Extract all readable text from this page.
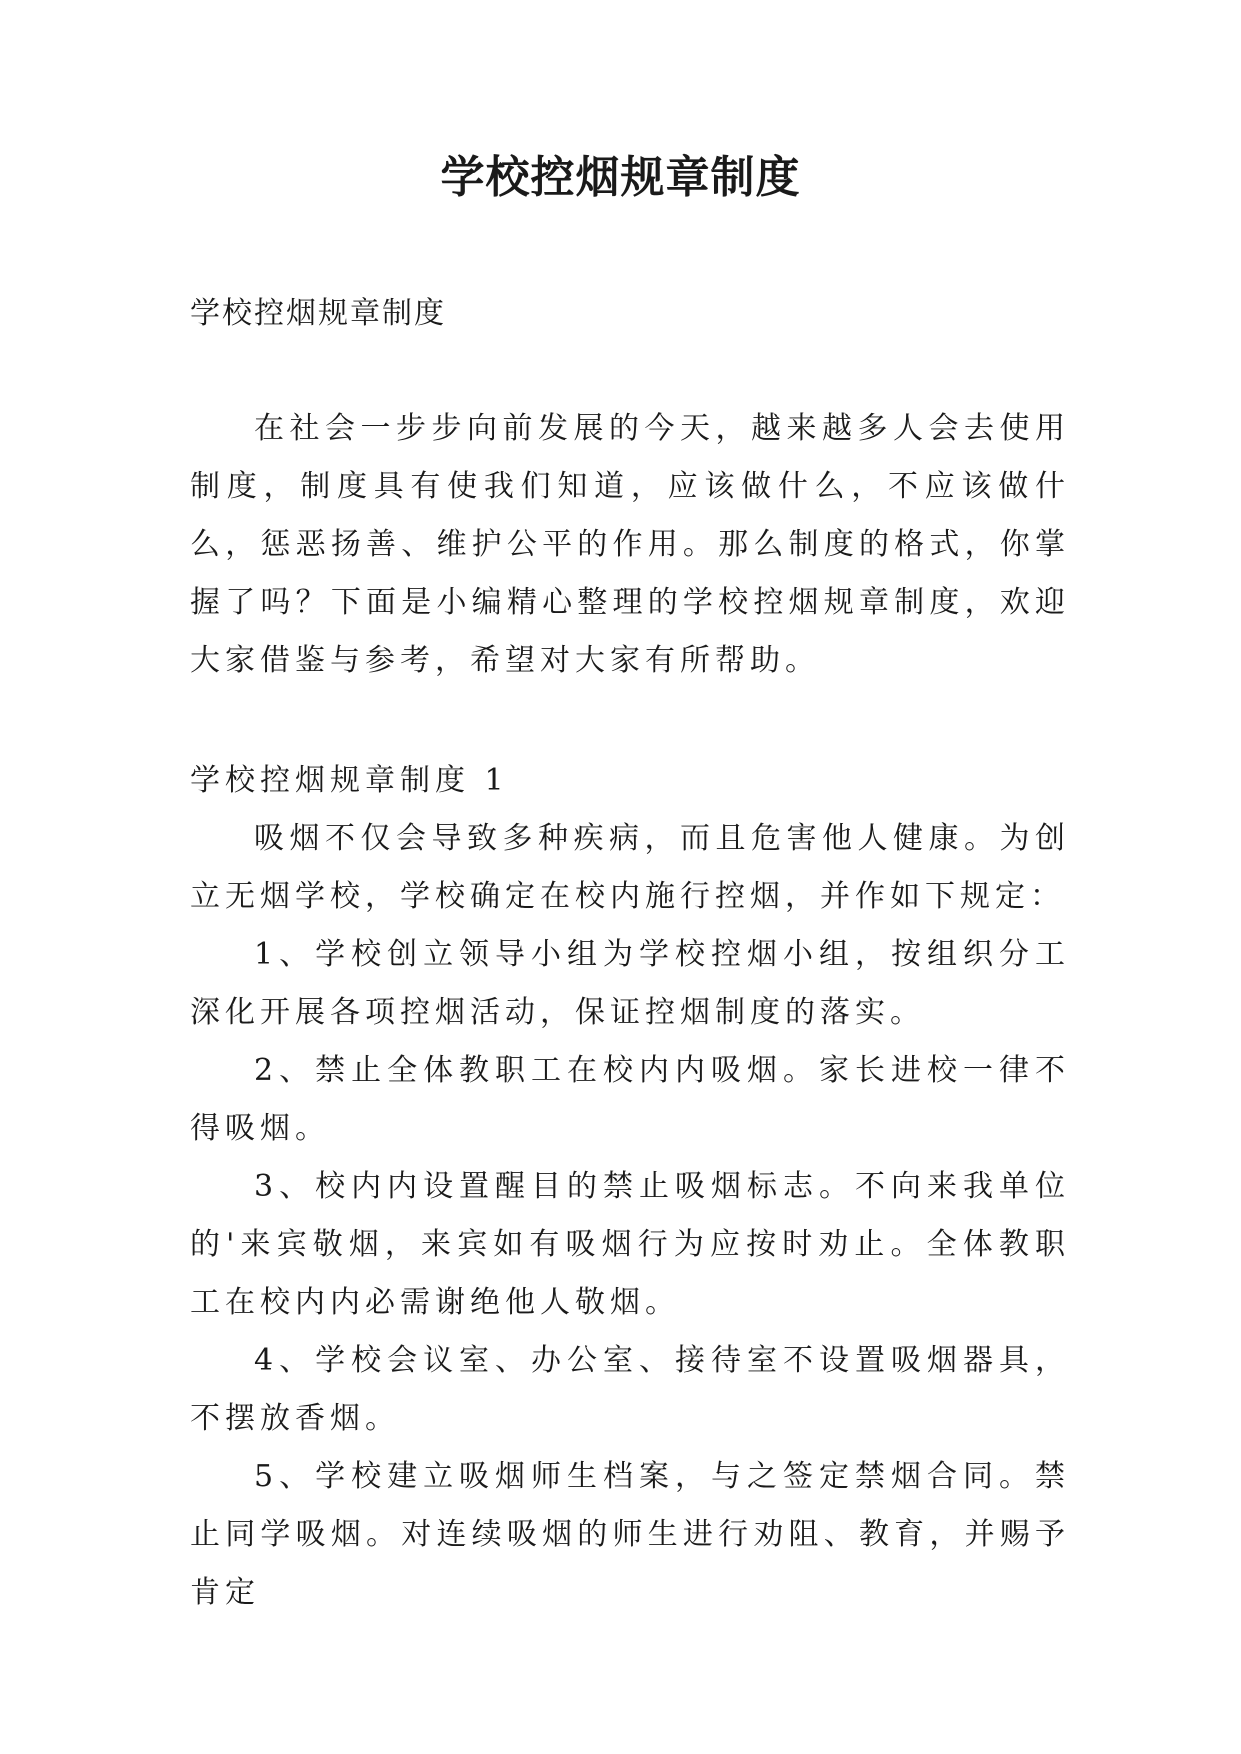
学校控烟规章制度

学校控烟规章制度

在社会一步步向前发展的今天，越来越多人会去使用制度，制度具有使我们知道，应该做什么，不应该做什么，惩恶扬善、维护公平的作用。那么制度的格式，你掌握了吗？下面是小编精心整理的学校控烟规章制度，欢迎大家借鉴与参考，希望对大家有所帮助。

学校控烟规章制度 1

吸烟不仅会导致多种疾病，而且危害他人健康。为创立无烟学校，学校确定在校内施行控烟，并作如下规定：

1、学校创立领导小组为学校控烟小组，按组织分工深化开展各项控烟活动，保证控烟制度的落实。

2、禁止全体教职工在校内内吸烟。家长进校一律不得吸烟。

3、校内内设置醒目的禁止吸烟标志。不向来我单位的'来宾敬烟，来宾如有吸烟行为应按时劝止。全体教职工在校内内必需谢绝他人敬烟。

4、学校会议室、办公室、接待室不设置吸烟器具，不摆放香烟。

5、学校建立吸烟师生档案，与之签定禁烟合同。禁止同学吸烟。对连续吸烟的师生进行劝阻、教育，并赐予肯定
